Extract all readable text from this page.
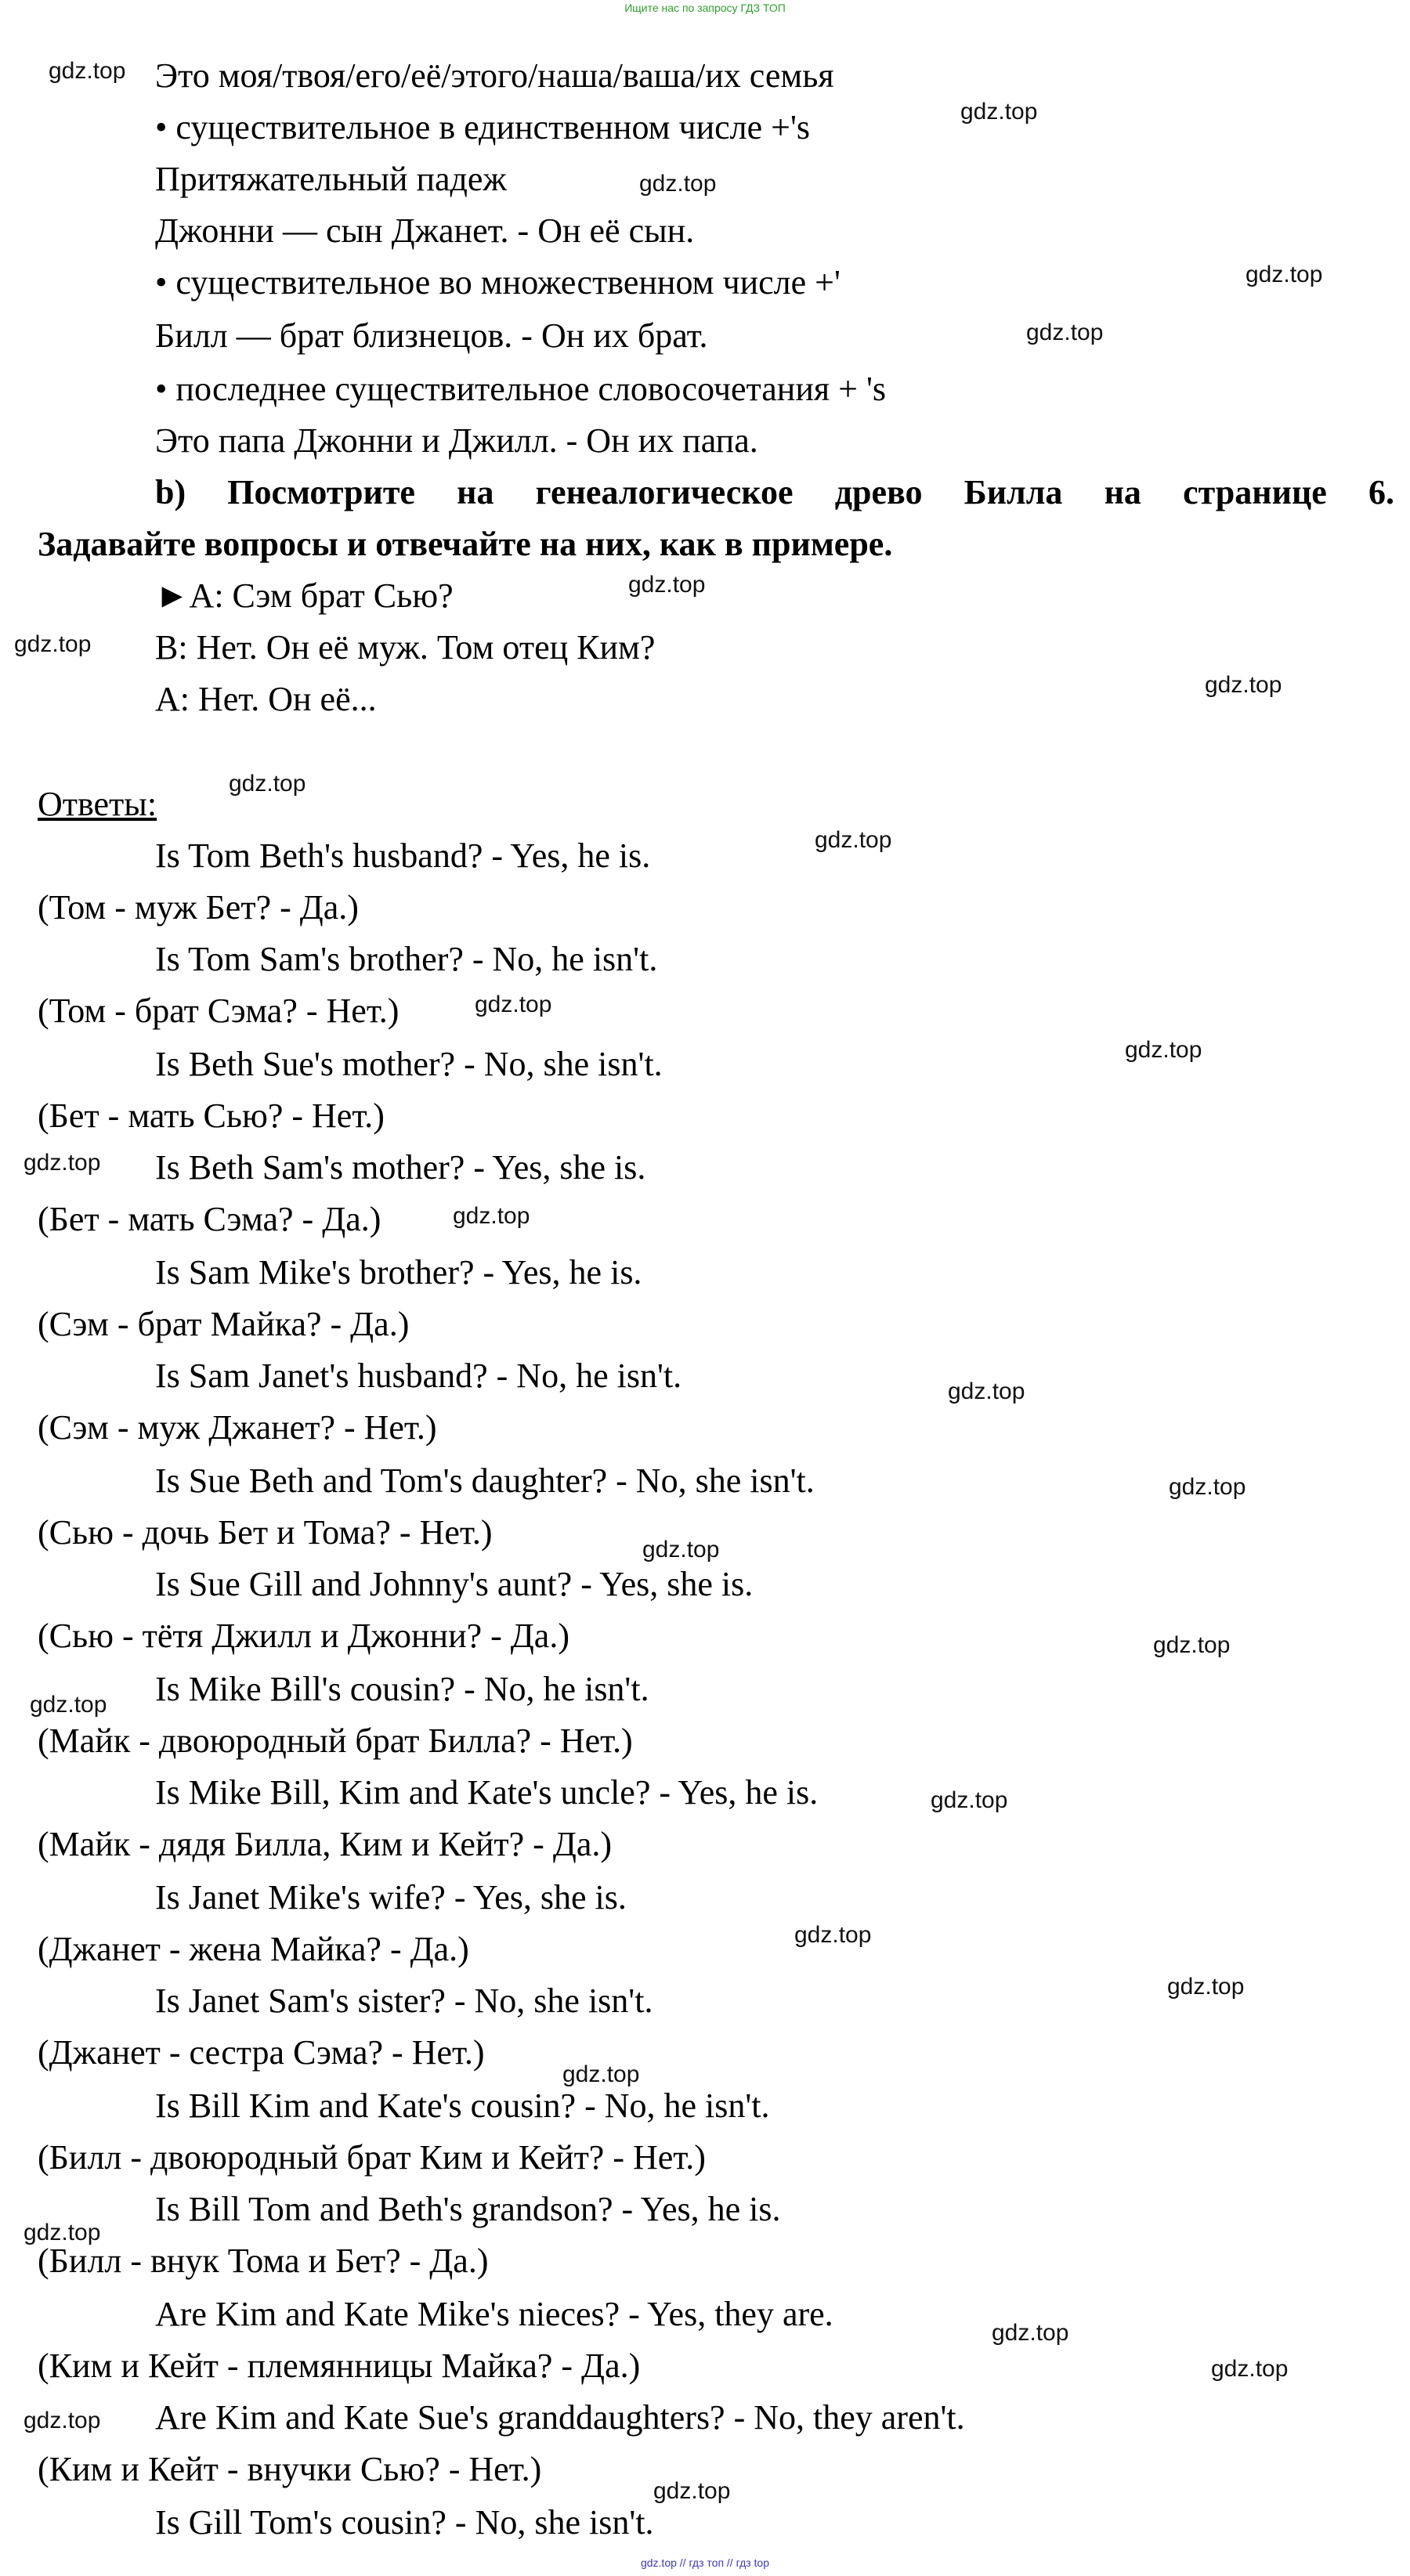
Ищите нас по запросу ГДЗ ТОП
Это моя/твоя/его/её/этого/наша/ваша/их семья
• существительное в единственном числе +'s
Притяжательный падеж
Джонни — сын Джанет. - Он её сын.
• существительное во множественном числе +'
Билл — брат близнецов. - Он их брат.
• последнее существительное словосочетания + 's
Это папа Джонни и Джилл. - Он их папа.
b) Посмотрите на генеалогическое древо Билла на странице 6.
Задавайте вопросы и отвечайте на них, как в примере.
►A: Сэм брат Сью?
B: Нет. Он её муж. Том отец Ким?
A: Нет. Он её...
Ответы:
Is Tom Beth's husband? - Yes, he is.
(Том - муж Бет? - Да.)
Is Tom Sam's brother? - No, he isn't.
(Том - брат Сэма? - Нет.)
Is Beth Sue's mother? - No, she isn't.
(Бет - мать Сью? - Нет.)
Is Beth Sam's mother? - Yes, she is.
(Бет - мать Сэма? - Да.)
Is Sam Mike's brother? - Yes, he is.
(Сэм - брат Майка? - Да.)
Is Sam Janet's husband? - No, he isn't.
(Сэм - муж Джанет? - Нет.)
Is Sue Beth and Tom's daughter? - No, she isn't.
(Сью - дочь Бет и Тома? - Нет.)
Is Sue Gill and Johnny's aunt? - Yes, she is.
(Сью - тётя Джилл и Джонни? - Да.)
Is Mike Bill's cousin? - No, he isn't.
(Майк - двоюродный брат Билла? - Нет.)
Is Mike Bill, Kim and Kate's uncle? - Yes, he is.
(Майк - дядя Билла, Ким и Кейт? - Да.)
Is Janet Mike's wife? - Yes, she is.
(Джанет - жена Майка? - Да.)
Is Janet Sam's sister? - No, she isn't.
(Джанет - сестра Сэма? - Нет.)
Is Bill Kim and Kate's cousin? - No, he isn't.
(Билл - двоюродный брат Ким и Кейт? - Нет.)
Is Bill Tom and Beth's grandson? - Yes, he is.
(Билл - внук Тома и Бет? - Да.)
Are Kim and Kate Mike's nieces? - Yes, they are.
(Ким и Кейт - племянницы Майка? - Да.)
Are Kim and Kate Sue's granddaughters? - No, they aren't.
(Ким и Кейт - внучки Сью? - Нет.)
Is Gill Tom's cousin? - No, she isn't.
gdz.top
gdz.top
gdz.top
gdz.top
gdz.top
gdz.top
gdz.top
gdz.top
gdz.top
gdz.top
gdz.top
gdz.top
gdz.top
gdz.top
gdz.top
gdz.top
gdz.top
gdz.top
gdz.top
gdz.top
gdz.top
gdz.top
gdz.top
gdz.top
gdz.top
gdz.top
gdz.top
gdz.top
gdz.top // гдз топ // гдз top
